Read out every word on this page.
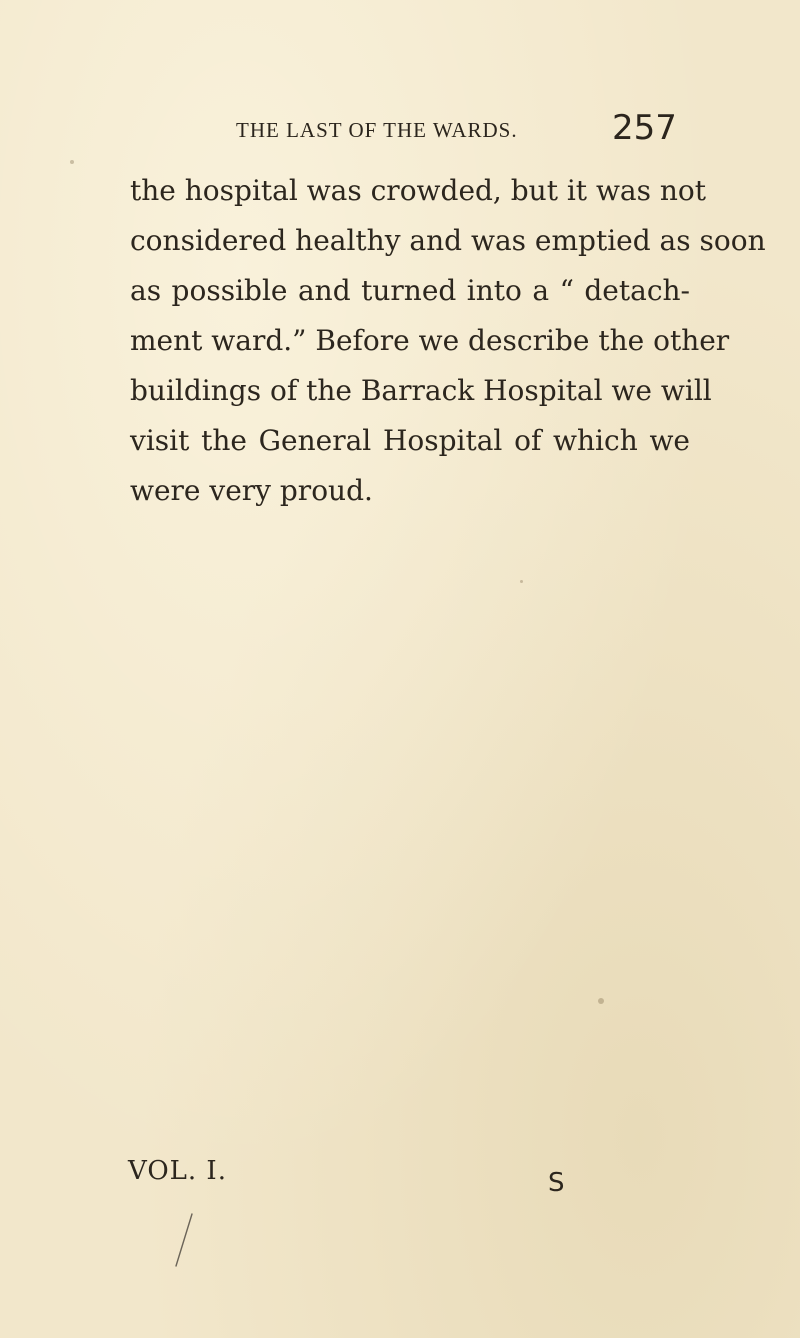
THE LAST OF THE WARDS.	257
the hospital was crowded, but it was not
considered healthy and was emptied as soon
as possible and turned into a “ detach-
ment ward.” Before we describe the other
buildings of the Barrack Hospital we will
visit the General Hospital of which we
were very proud.
VOL. I.	S
